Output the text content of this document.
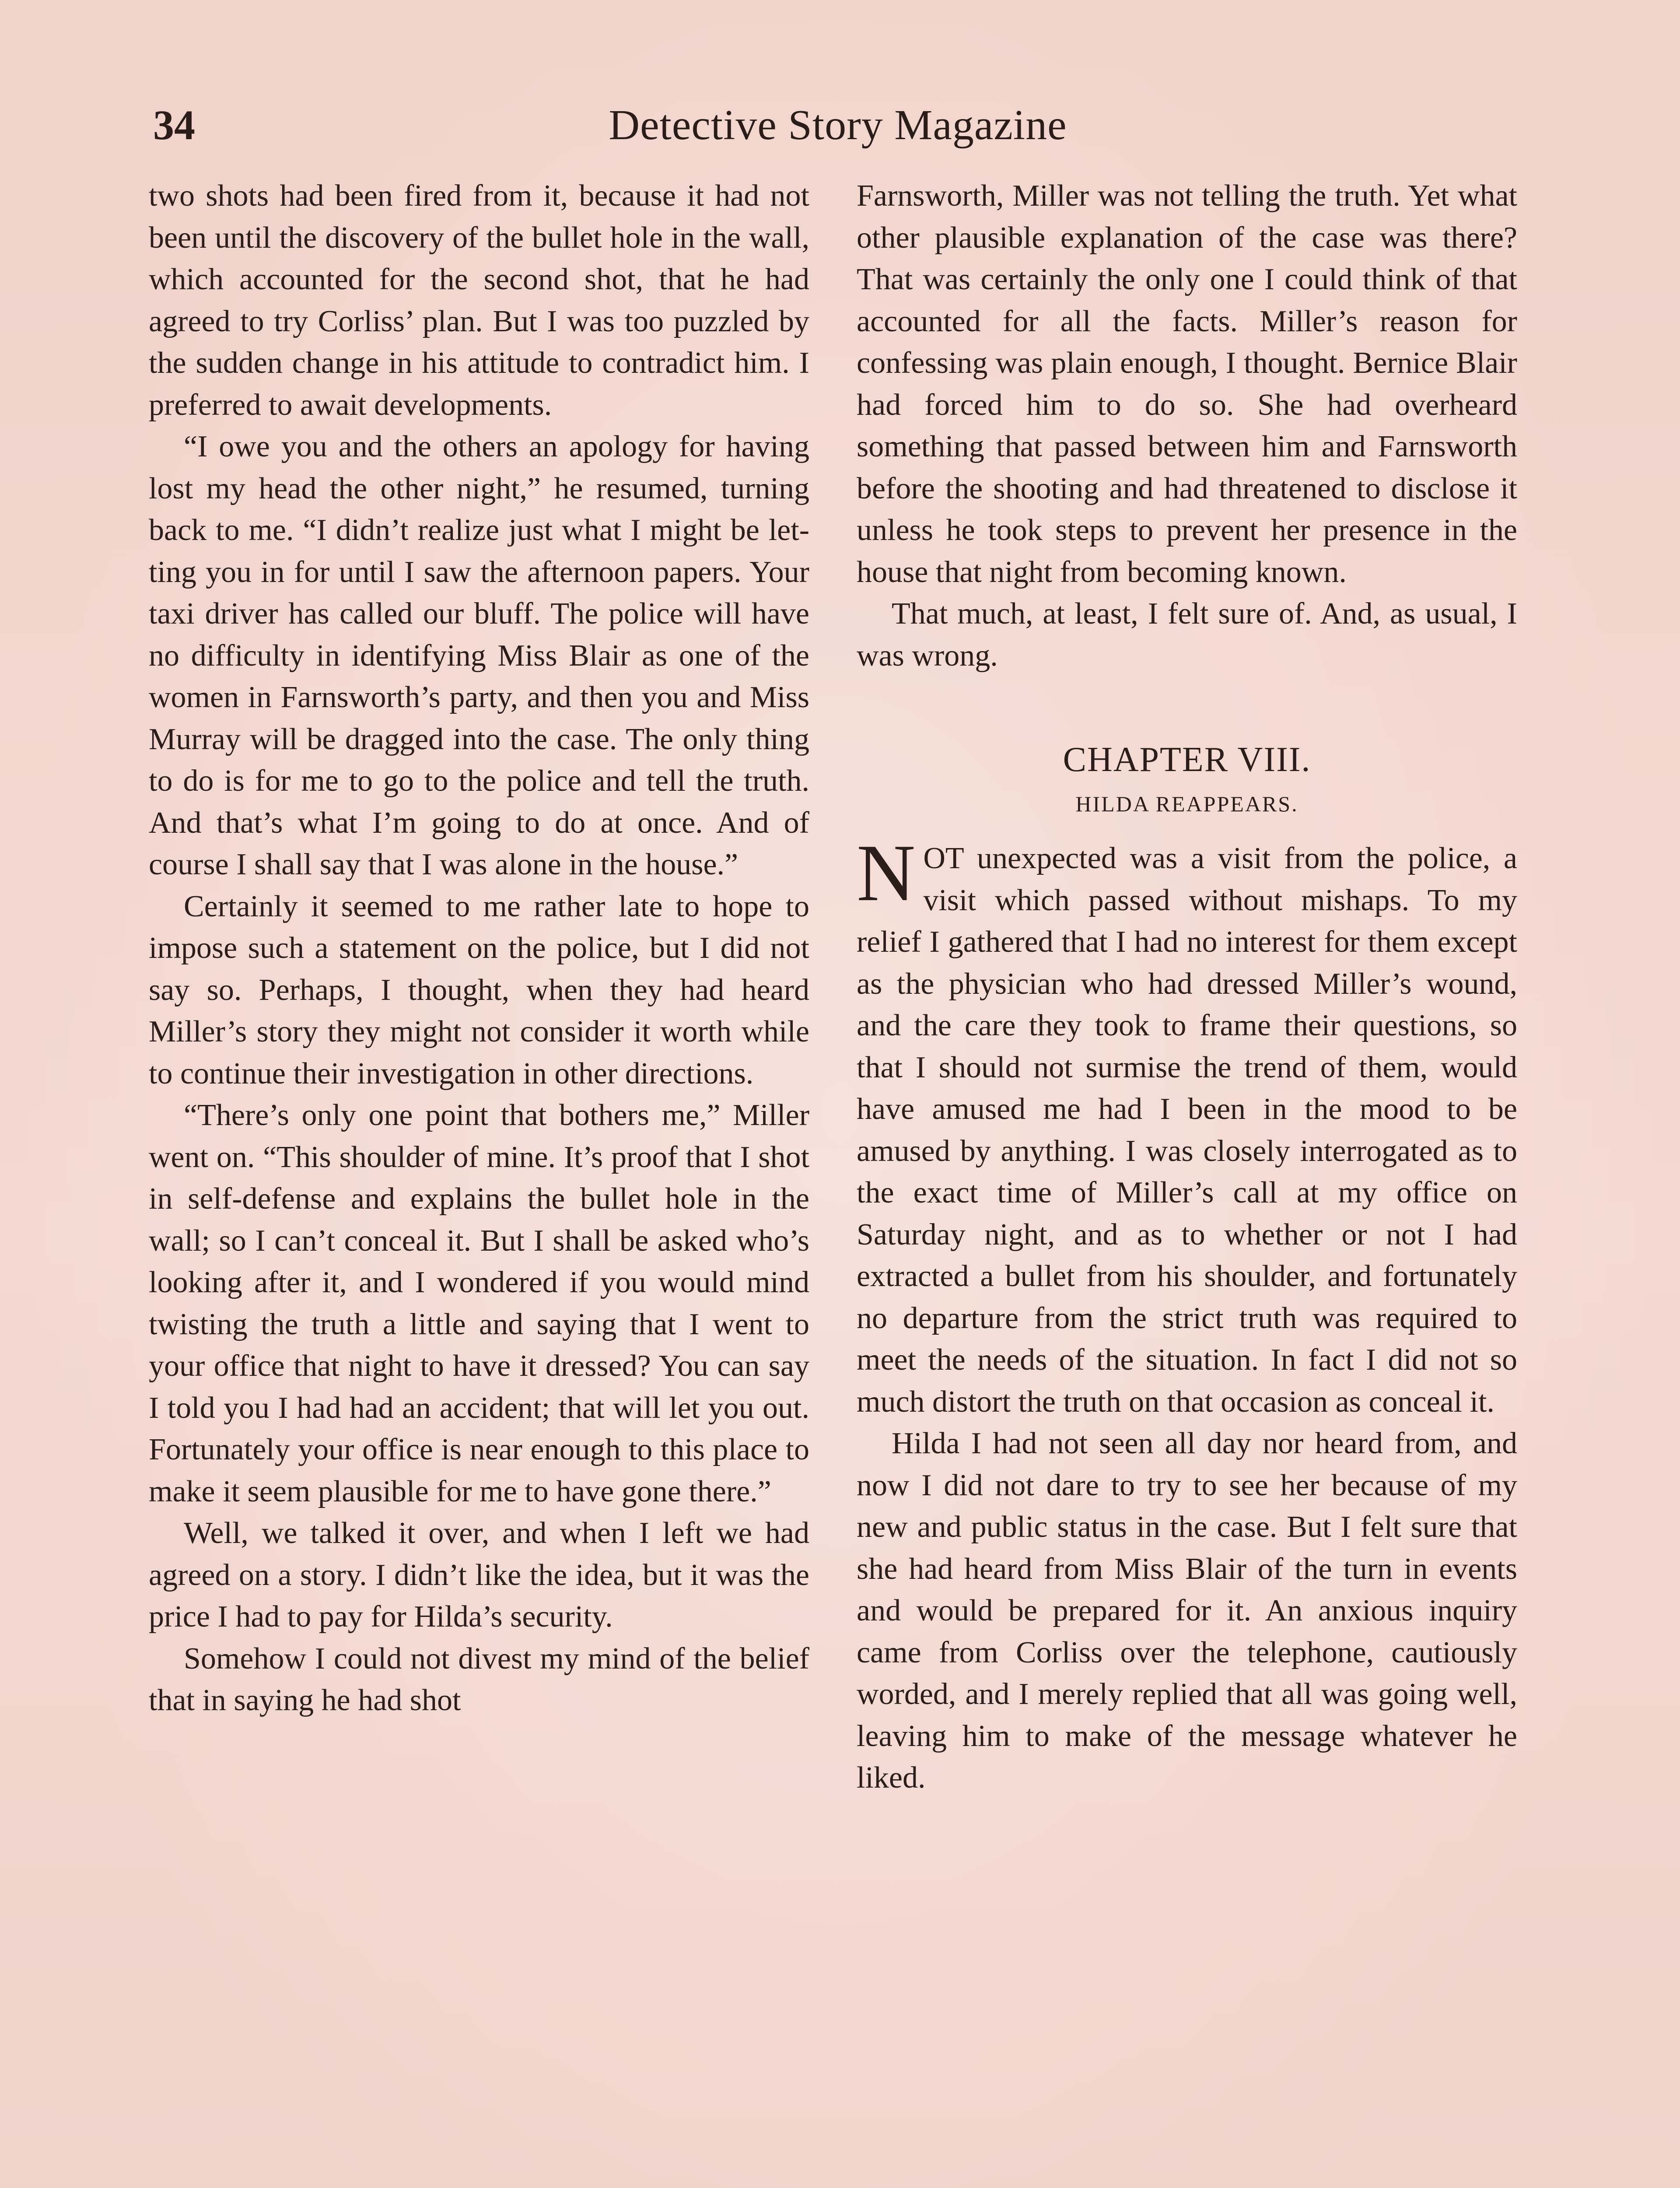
34	Detective Story Magazine

two shots had been fired from it, because it had not been until the discovery of the bullet hole in the wall, which accounted for the second shot, that he had agreed to try Corliss’ plan. But I was too puzzled by the sudden change in his attitude to contradict him. I preferred to await developments.

“I owe you and the others an apology for having lost my head the other night,” he resumed, turning back to me. “I didn’t realize just what I might be letting you in for until I saw the afternoon papers. Your taxi driver has called our bluff. The police will have no difficulty in identifying Miss Blair as one of the women in Farnsworth’s party, and then you and Miss Murray will be dragged into the case. The only thing to do is for me to go to the police and tell the truth. And that’s what I’m going to do at once. And of course I shall say that I was alone in the house.”

Certainly it seemed to me rather late to hope to impose such a statement on the police, but I did not say so. Perhaps, I thought, when they had heard Miller’s story they might not consider it worth while to continue their investigation in other directions.

“There’s only one point that bothers me,” Miller went on. “This shoulder of mine. It’s proof that I shot in self-defense and explains the bullet hole in the wall; so I can’t conceal it. But I shall be asked who’s looking after it, and I wondered if you would mind twisting the truth a little and saying that I went to your office that night to have it dressed? You can say I told you I had had an accident; that will let you out. Fortunately your office is near enough to this place to make it seem plausible for me to have gone there.”

Well, we talked it over, and when I left we had agreed on a story. I didn’t like the idea, but it was the price I had to pay for Hilda’s security.

Somehow I could not divest my mind of the belief that in saying he had shot

Farnsworth, Miller was not telling the truth. Yet what other plausible explanation of the case was there? That was certainly the only one I could think of that accounted for all the facts. Miller’s reason for confessing was plain enough, I thought. Bernice Blair had forced him to do so. She had overheard something that passed between him and Farnsworth before the shooting and had threatened to disclose it unless he took steps to prevent her presence in the house that night from becoming known.

That much, at least, I felt sure of. And, as usual, I was wrong.

CHAPTER VIII.
HILDA REAPPEARS.

NOT unexpected was a visit from the police, a visit which passed without mishaps. To my relief I gathered that I had no interest for them except as the physician who had dressed Miller’s wound, and the care they took to frame their questions, so that I should not surmise the trend of them, would have amused me had I been in the mood to be amused by anything. I was closely interrogated as to the exact time of Miller’s call at my office on Saturday night, and as to whether or not I had extracted a bullet from his shoulder, and fortunately no departure from the strict truth was required to meet the needs of the situation. In fact I did not so much distort the truth on that occasion as conceal it.

Hilda I had not seen all day nor heard from, and now I did not dare to try to see her because of my new and public status in the case. But I felt sure that she had heard from Miss Blair of the turn in events and would be prepared for it. An anxious inquiry came from Corliss over the telephone, cautiously worded, and I merely replied that all was going well, leaving him to make of the message whatever he liked.
